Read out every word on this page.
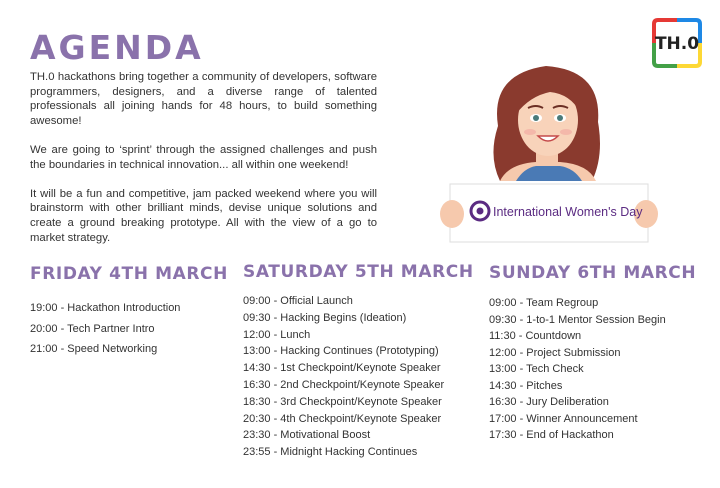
AGENDA

TH.0 hackathons bring together a community of developers, software programmers, designers, and a diverse range of talented professionals all joining hands for 48 hours, to build something awesome!

We are going to ‘sprint’ through the assigned challenges and push the boundaries in technical innovation... all within one weekend!

It will be a fun and competitive, jam packed weekend where you will brainstorm with other brilliant minds, devise unique solutions and create a ground breaking prototype. All with the view of a go to market strategy.

TH.0
International Women's Day
FRIDAY 4TH MARCH
19:00 - Hackathon Introduction
20:00 - Tech Partner Intro
21:00 - Speed Networking
SATURDAY 5TH MARCH
09:00 - Official Launch
09:30 - Hacking Begins (Ideation)
12:00 - Lunch
13:00 - Hacking Continues (Prototyping)
14:30 - 1st Checkpoint/Keynote Speaker
16:30 - 2nd Checkpoint/Keynote Speaker
18:30 - 3rd Checkpoint/Keynote Speaker
20:30 - 4th Checkpoint/Keynote Speaker
23:30 - Motivational Boost
23:55 - Midnight Hacking Continues
SUNDAY 6TH MARCH
09:00 - Team Regroup
09:30 - 1-to-1 Mentor Session Begin
11:30 - Countdown
12:00 - Project Submission
13:00 - Tech Check
14:30 - Pitches
16:30 - Jury Deliberation
17:00 - Winner Announcement
17:30 - End of Hackathon
